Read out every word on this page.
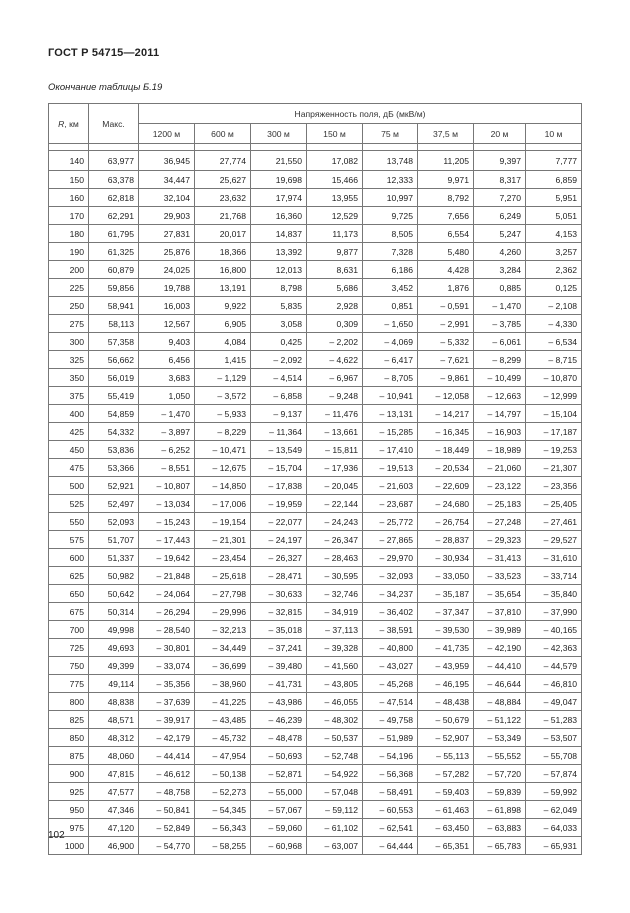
ГОСТ Р 54715—2011
Окончание таблицы Б.19
R, км	Макс.	Напряженность поля, дБ (мкВ/м)							
		1200 м	600 м	300 м	150 м	75 м	37,5 м	20 м	10 м

140	63,977	36,945	27,774	21,550	17,082	13,748	11,205	9,397	7,777
150	63,378	34,447	25,627	19,698	15,466	12,333	9,971	8,317	6,859
160	62,818	32,104	23,632	17,974	13,955	10,997	8,792	7,270	5,951
170	62,291	29,903	21,768	16,360	12,529	9,725	7,656	6,249	5,051
180	61,795	27,831	20,017	14,837	11,173	8,505	6,554	5,247	4,153
190	61,325	25,876	18,366	13,392	9,877	7,328	5,480	4,260	3,257
200	60,879	24,025	16,800	12,013	8,631	6,186	4,428	3,284	2,362
225	59,856	19,788	13,191	8,798	5,686	3,452	1,876	0,885	0,125
250	58,941	16,003	9,922	5,835	2,928	0,851	– 0,591	– 1,470	– 2,108
275	58,113	12,567	6,905	3,058	0,309	– 1,650	– 2,991	– 3,785	– 4,330
300	57,358	9,403	4,084	0,425	– 2,202	– 4,069	– 5,332	– 6,061	– 6,534
325	56,662	6,456	1,415	– 2,092	– 4,622	– 6,417	– 7,621	– 8,299	– 8,715
350	56,019	3,683	– 1,129	– 4,514	– 6,967	– 8,705	– 9,861	– 10,499	– 10,870
375	55,419	1,050	– 3,572	– 6,858	– 9,248	– 10,941	– 12,058	– 12,663	– 12,999
400	54,859	– 1,470	– 5,933	– 9,137	– 11,476	– 13,131	– 14,217	– 14,797	– 15,104
425	54,332	– 3,897	– 8,229	– 11,364	– 13,661	– 15,285	– 16,345	– 16,903	– 17,187
450	53,836	– 6,252	– 10,471	– 13,549	– 15,811	– 17,410	– 18,449	– 18,989	– 19,253
475	53,366	– 8,551	– 12,675	– 15,704	– 17,936	– 19,513	– 20,534	– 21,060	– 21,307
500	52,921	– 10,807	– 14,850	– 17,838	– 20,045	– 21,603	– 22,609	– 23,122	– 23,356
525	52,497	– 13,034	– 17,006	– 19,959	– 22,144	– 23,687	– 24,680	– 25,183	– 25,405
550	52,093	– 15,243	– 19,154	– 22,077	– 24,243	– 25,772	– 26,754	– 27,248	– 27,461
575	51,707	– 17,443	– 21,301	– 24,197	– 26,347	– 27,865	– 28,837	– 29,323	– 29,527
600	51,337	– 19,642	– 23,454	– 26,327	– 28,463	– 29,970	– 30,934	– 31,413	– 31,610
625	50,982	– 21,848	– 25,618	– 28,471	– 30,595	– 32,093	– 33,050	– 33,523	– 33,714
650	50,642	– 24,064	– 27,798	– 30,633	– 32,746	– 34,237	– 35,187	– 35,654	– 35,840
675	50,314	– 26,294	– 29,996	– 32,815	– 34,919	– 36,402	– 37,347	– 37,810	– 37,990
700	49,998	– 28,540	– 32,213	– 35,018	– 37,113	– 38,591	– 39,530	– 39,989	– 40,165
725	49,693	– 30,801	– 34,449	– 37,241	– 39,328	– 40,800	– 41,735	– 42,190	– 42,363
750	49,399	– 33,074	– 36,699	– 39,480	– 41,560	– 43,027	– 43,959	– 44,410	– 44,579
775	49,114	– 35,356	– 38,960	– 41,731	– 43,805	– 45,268	– 46,195	– 46,644	– 46,810
800	48,838	– 37,639	– 41,225	– 43,986	– 46,055	– 47,514	– 48,438	– 48,884	– 49,047
825	48,571	– 39,917	– 43,485	– 46,239	– 48,302	– 49,758	– 50,679	– 51,122	– 51,283
850	48,312	– 42,179	– 45,732	– 48,478	– 50,537	– 51,989	– 52,907	– 53,349	– 53,507
875	48,060	– 44,414	– 47,954	– 50,693	– 52,748	– 54,196	– 55,113	– 55,552	– 55,708
900	47,815	– 46,612	– 50,138	– 52,871	– 54,922	– 56,368	– 57,282	– 57,720	– 57,874
925	47,577	– 48,758	– 52,273	– 55,000	– 57,048	– 58,491	– 59,403	– 59,839	– 59,992
950	47,346	– 50,841	– 54,345	– 57,067	– 59,112	– 60,553	– 61,463	– 61,898	– 62,049
975	47,120	– 52,849	– 56,343	– 59,060	– 61,102	– 62,541	– 63,450	– 63,883	– 64,033
1000	46,900	– 54,770	– 58,255	– 60,968	– 63,007	– 64,444	– 65,351	– 65,783	– 65,931
102
